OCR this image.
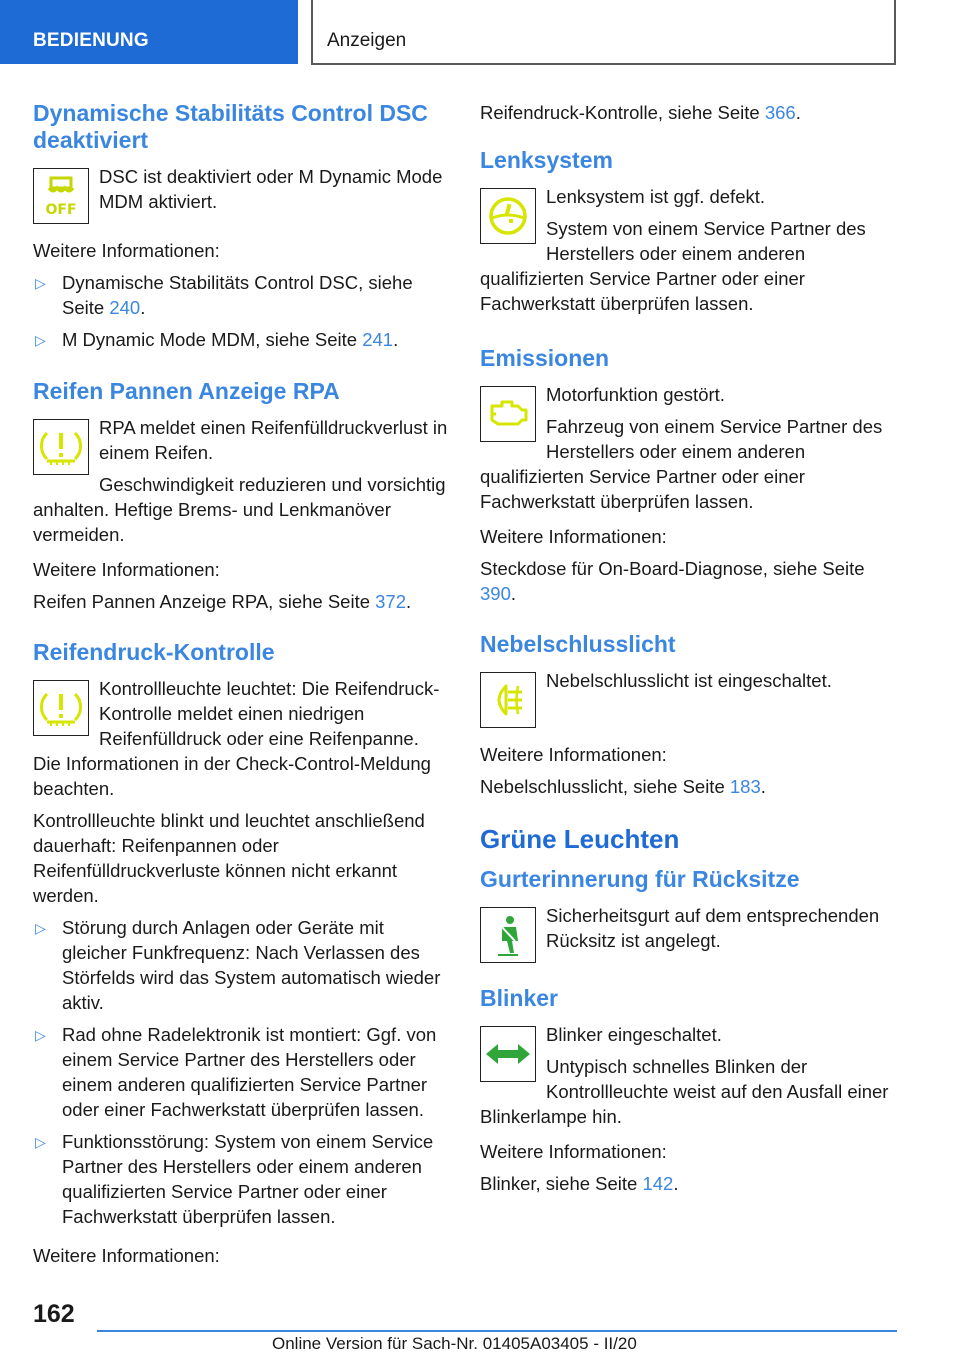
BEDIENUNG	Anzeigen
Dynamische Stabilitäts Control DSC deaktiviert
OFF

DSC ist deaktiviert oder M Dynamic Mode MDM aktiviert.

Weitere Informationen:

▷ Dynamische Stabilitäts Control DSC, siehe Seite 240.
▷ M Dynamic Mode MDM, siehe Seite 241.
Reifen Pannen Anzeige RPA

RPA meldet einen Reifenfülldruckverlust in einem Reifen.

Geschwindigkeit reduzieren und vorsichtig anhalten. Heftige Brems- und Lenkmanöver vermeiden.

Weitere Informationen:

Reifen Pannen Anzeige RPA, siehe Seite 372.

Reifendruck-Kontrolle

Kontrollleuchte leuchtet: Die Reifendruck-Kontrolle meldet einen niedrigen Reifenfülldruck oder eine Reifenpanne. Die Informationen in der Check-Control-Meldung beachten.

Kontrollleuchte blinkt und leuchtet anschließend dauerhaft: Reifenpannen oder Reifenfülldruckverluste können nicht erkannt werden.

▷ Störung durch Anlagen oder Geräte mit gleicher Funkfrequenz: Nach Verlassen des Störfelds wird das System automatisch wieder aktiv.
▷ Rad ohne Radelektronik ist montiert: Ggf. von einem Service Partner des Herstellers oder einem anderen qualifizierten Service Partner oder einer Fachwerkstatt überprüfen lassen.
▷ Funktionsstörung: System von einem Service Partner des Herstellers oder einem anderen qualifizierten Service Partner oder einer Fachwerkstatt überprüfen lassen.

Weitere Informationen:

Reifendruck-Kontrolle, siehe Seite 366.

Lenksystem

Lenksystem ist ggf. defekt.

System von einem Service Partner des Herstellers oder einem anderen qualifizierten Service Partner oder einer Fachwerkstatt überprüfen lassen.

Emissionen

Motorfunktion gestört.

Fahrzeug von einem Service Partner des Herstellers oder einem anderen qualifizierten Service Partner oder einer Fachwerkstatt überprüfen lassen.

Weitere Informationen:

Steckdose für On-Board-Diagnose, siehe Seite 390.

Nebelschlusslicht

Nebelschlusslicht ist eingeschaltet.

Weitere Informationen:

Nebelschlusslicht, siehe Seite 183.

Grüne Leuchten
Gurterinnerung für Rücksitze

Sicherheitsgurt auf dem entsprechenden Rücksitz ist angelegt.

Blinker

Blinker eingeschaltet.

Untypisch schnelles Blinken der Kontrollleuchte weist auf den Ausfall einer Blinkerlampe hin.

Weitere Informationen:

Blinker, siehe Seite 142.

162
Online Version für Sach-Nr. 01405A03405 - II/20
